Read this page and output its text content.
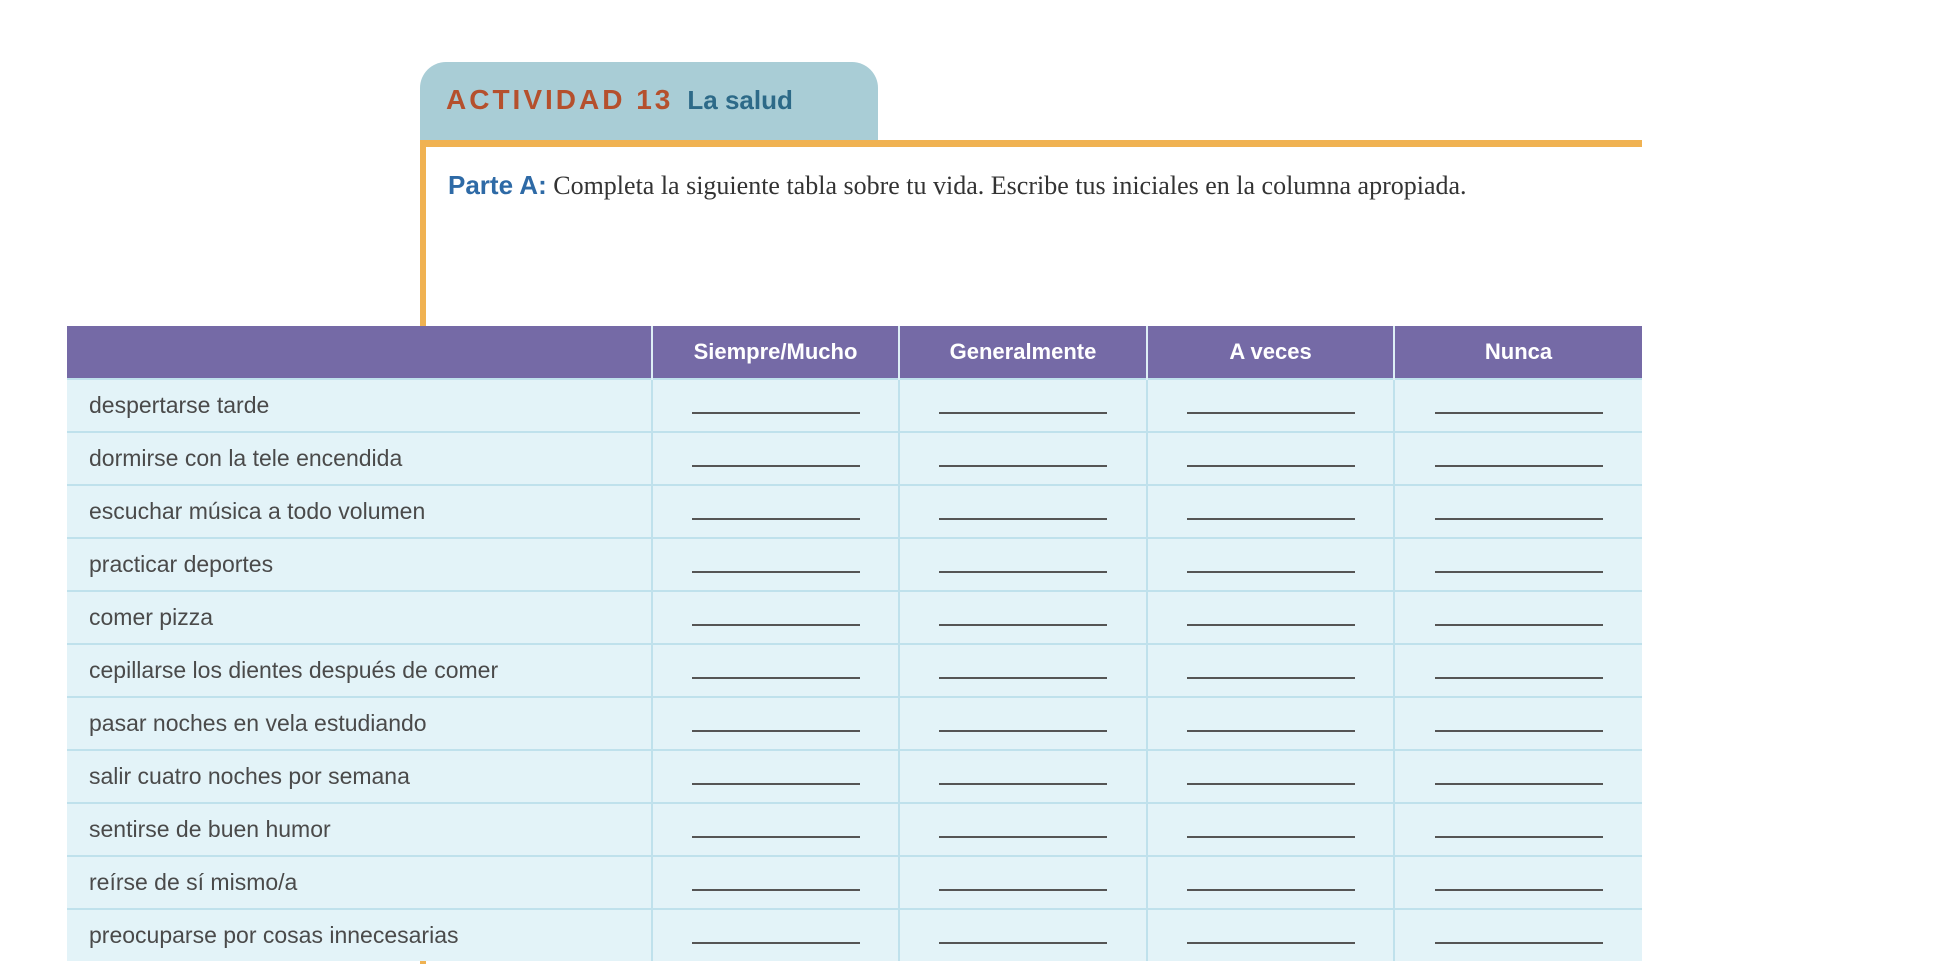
ACTIVIDAD 13 La salud
Parte A: Completa la siguiente tabla sobre tu vida. Escribe tus iniciales en la columna apropiada.
	Siempre/Mucho	Generalmente	A veces	Nunca
despertarse tarde	

dormirse con la tele encendida	

escuchar música a todo volumen	

practicar deportes	

comer pizza	

cepillarse los dientes después de comer	

pasar noches en vela estudiando	

salir cuatro noches por semana	

sentirse de buen humor	

reírse de sí mismo/a	

preocuparse por cosas innecesarias	
